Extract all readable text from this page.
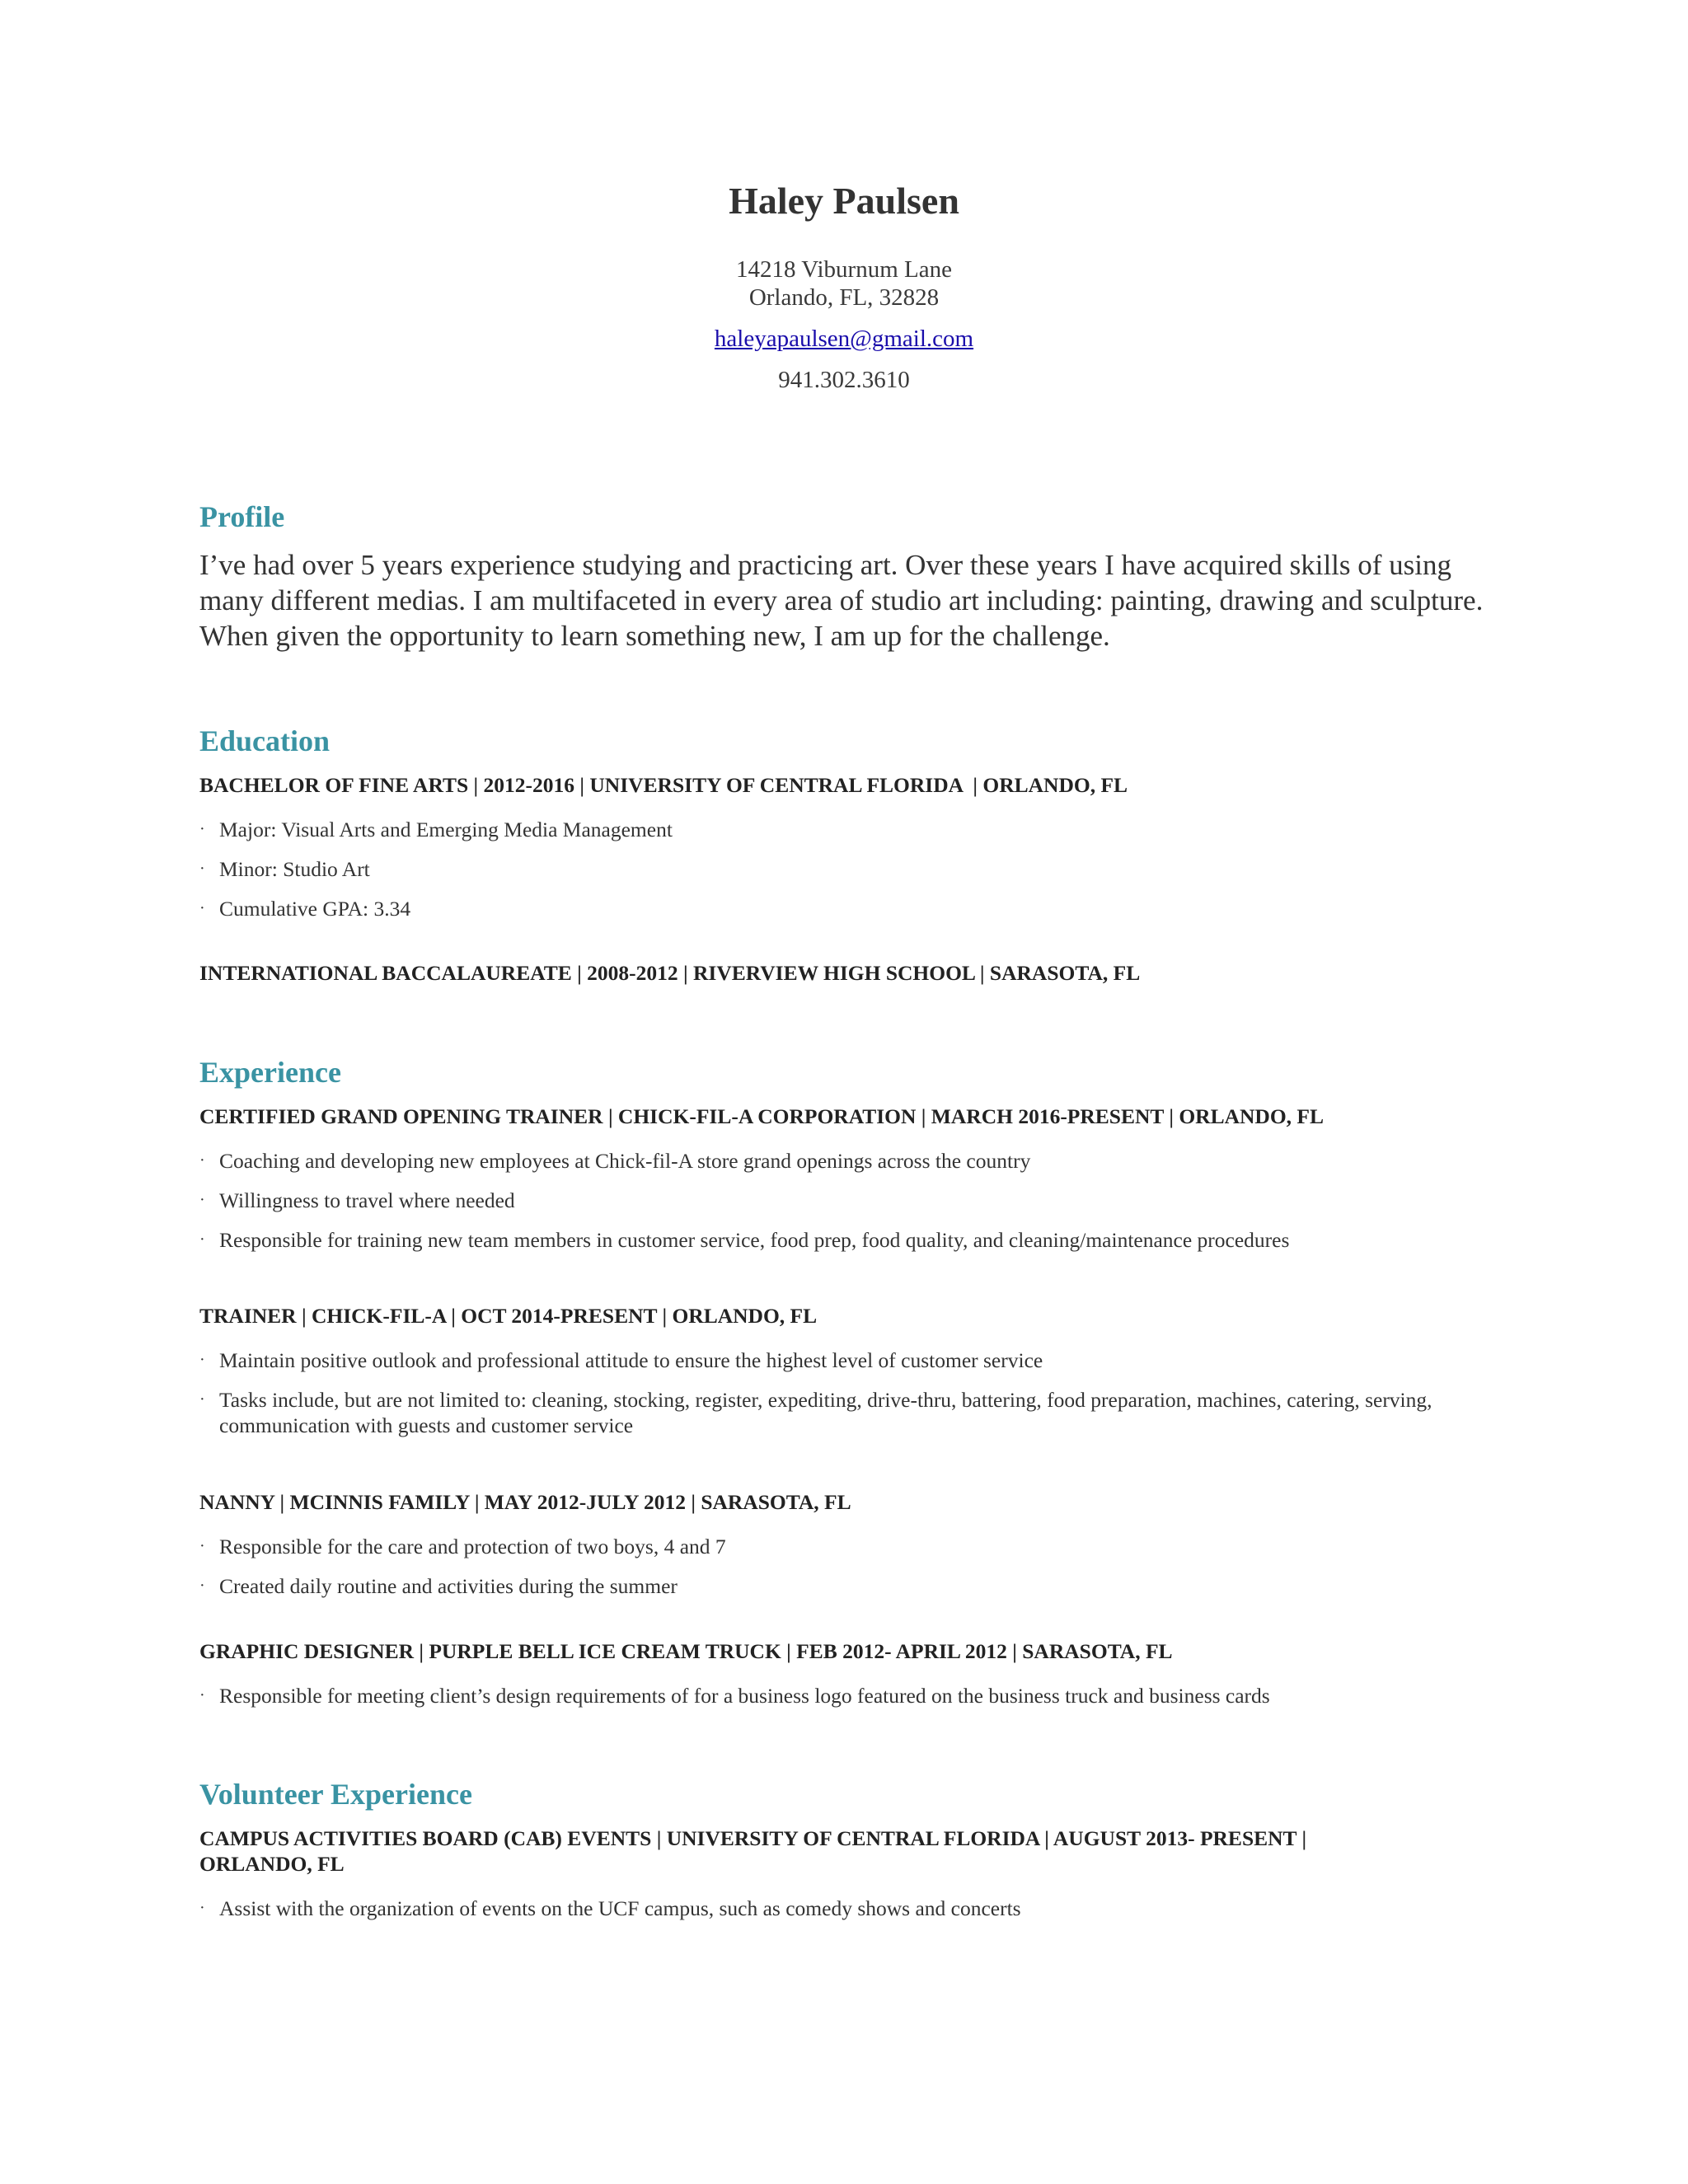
Haley Paulsen
14218 Viburnum Lane
Orlando, FL, 32828
haleyapaulsen@gmail.com
941.302.3610
Profile
I’ve had over 5 years experience studying and practicing art. Over these years I have acquired skills of using many different medias. I am multifaceted in every area of studio art including: painting, drawing and sculpture. When given the opportunity to learn something new, I am up for the challenge.
Education
BACHELOR OF FINE ARTS | 2012-2016 | UNIVERSITY OF CENTRAL FLORIDA  | ORLANDO, FL
· Major: Visual Arts and Emerging Media Management
· Minor: Studio Art
· Cumulative GPA: 3.34
INTERNATIONAL BACCALAUREATE | 2008-2012 | RIVERVIEW HIGH SCHOOL | SARASOTA, FL
Experience
CERTIFIED GRAND OPENING TRAINER | CHICK-FIL-A CORPORATION | MARCH 2016-PRESENT | ORLANDO, FL
· Coaching and developing new employees at Chick-fil-A store grand openings across the country
· Willingness to travel where needed
· Responsible for training new team members in customer service, food prep, food quality, and cleaning/maintenance procedures
TRAINER | CHICK-FIL-A | OCT 2014-PRESENT | ORLANDO, FL
· Maintain positive outlook and professional attitude to ensure the highest level of customer service
· Tasks include, but are not limited to: cleaning, stocking, register, expediting, drive-thru, battering, food preparation, machines, catering, serving, communication with guests and customer service
NANNY | MCINNIS FAMILY | MAY 2012-JULY 2012 | SARASOTA, FL
· Responsible for the care and protection of two boys, 4 and 7
· Created daily routine and activities during the summer
GRAPHIC DESIGNER | PURPLE BELL ICE CREAM TRUCK | FEB 2012- APRIL 2012 | SARASOTA, FL
· Responsible for meeting client’s design requirements of for a business logo featured on the business truck and business cards
Volunteer Experience
CAMPUS ACTIVITIES BOARD (CAB) EVENTS | UNIVERSITY OF CENTRAL FLORIDA | AUGUST 2013- PRESENT | ORLANDO, FL
· Assist with the organization of events on the UCF campus, such as comedy shows and concerts
